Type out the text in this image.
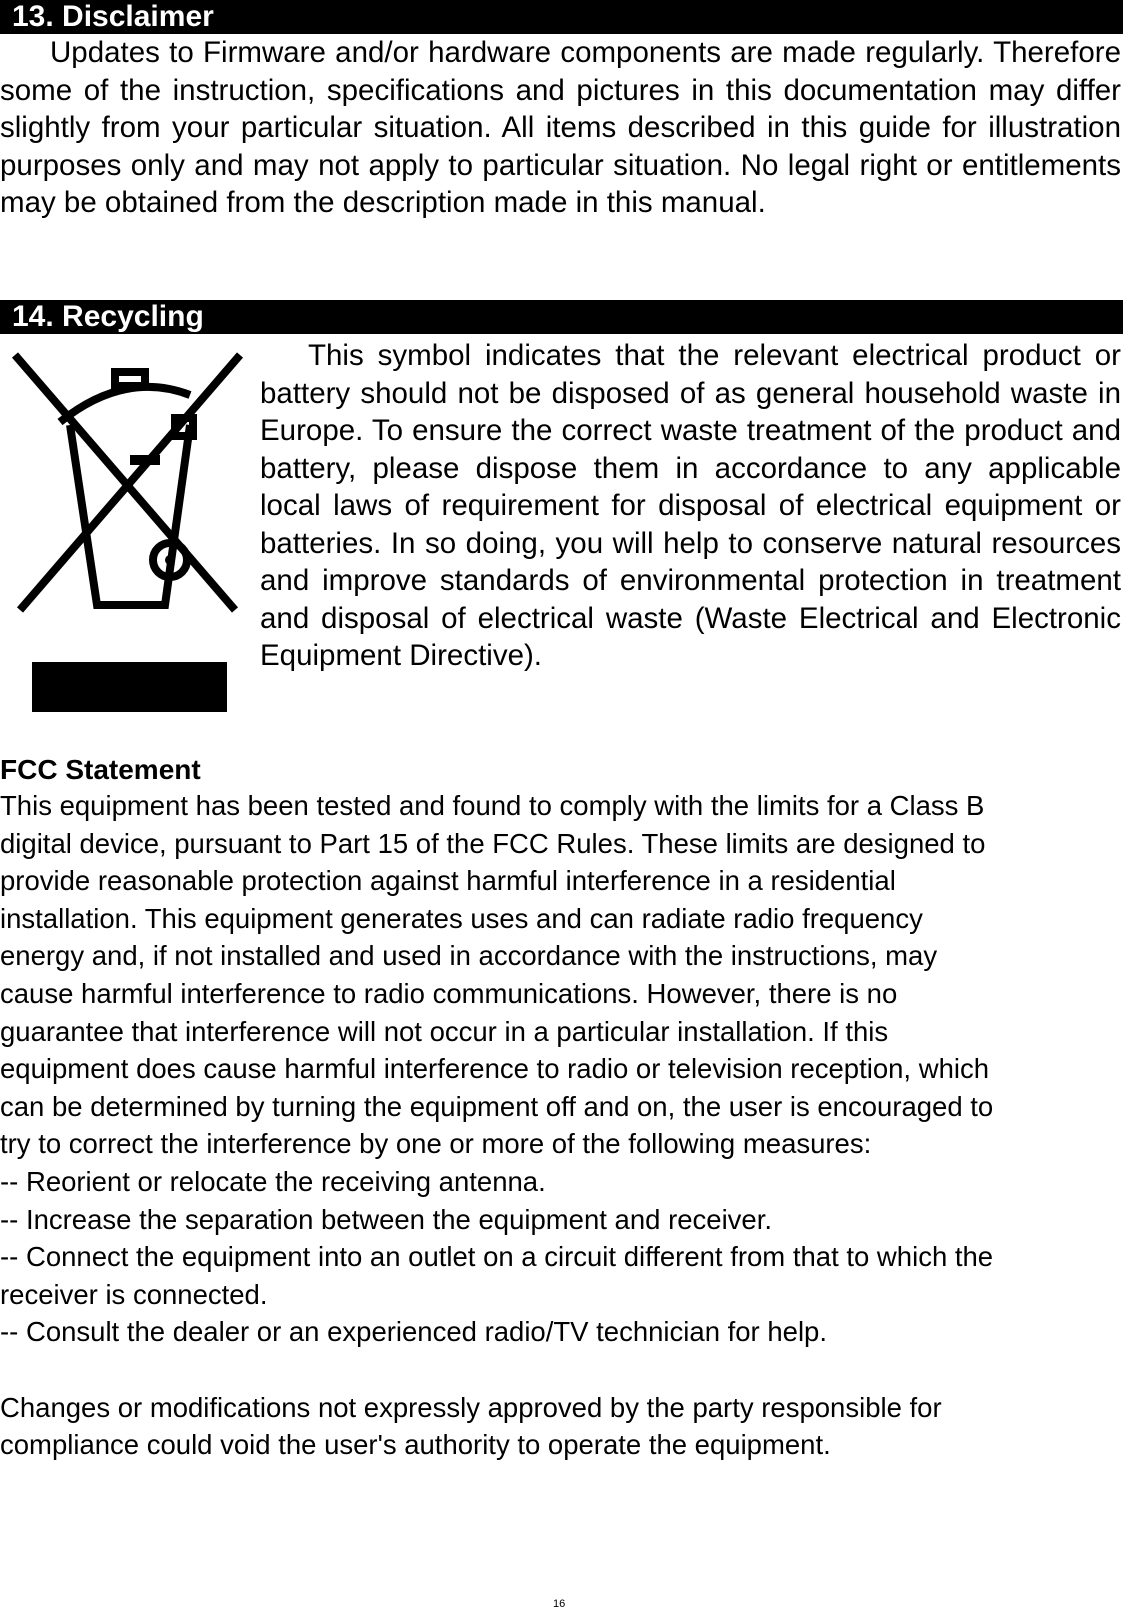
13. Disclaimer
Updates to Firmware and/or hardware components are made regularly. Therefore some of the instruction, specifications and pictures in this documentation may differ slightly from your particular situation. All items described in this guide for illustration purposes only and may not apply to particular situation. No legal right or entitlements may be obtained from the description made in this manual.
14. Recycling
This symbol indicates that the relevant electrical product or battery should not be disposed of as general household waste in Europe. To ensure the correct waste treatment of the product and battery, please dispose them in accordance to any applicable local laws of requirement for disposal of electrical equipment or batteries. In so doing, you will help to conserve natural resources and improve standards of environmental protection in treatment and disposal of electrical waste (Waste Electrical and Electronic Equipment Directive).
FCC Statement
This equipment has been tested and found to comply with the limits for a Class B
digital device, pursuant to Part 15 of the FCC Rules. These limits are designed to
provide reasonable protection against harmful interference in a residential
installation. This equipment generates uses and can radiate radio frequency
energy and, if not installed and used in accordance with the instructions, may
cause harmful interference to radio communications. However, there is no
guarantee that interference will not occur in a particular installation. If this
equipment does cause harmful interference to radio or television reception, which
can be determined by turning the equipment off and on, the user is encouraged to
try to correct the interference by one or more of the following measures:
-- Reorient or relocate the receiving antenna.
-- Increase the separation between the equipment and receiver.
-- Connect the equipment into an outlet on a circuit different from that to which the
receiver is connected.
-- Consult the dealer or an experienced radio/TV technician for help.
Changes or modifications not expressly approved by the party responsible for
compliance could void the user's authority to operate the equipment.
16
